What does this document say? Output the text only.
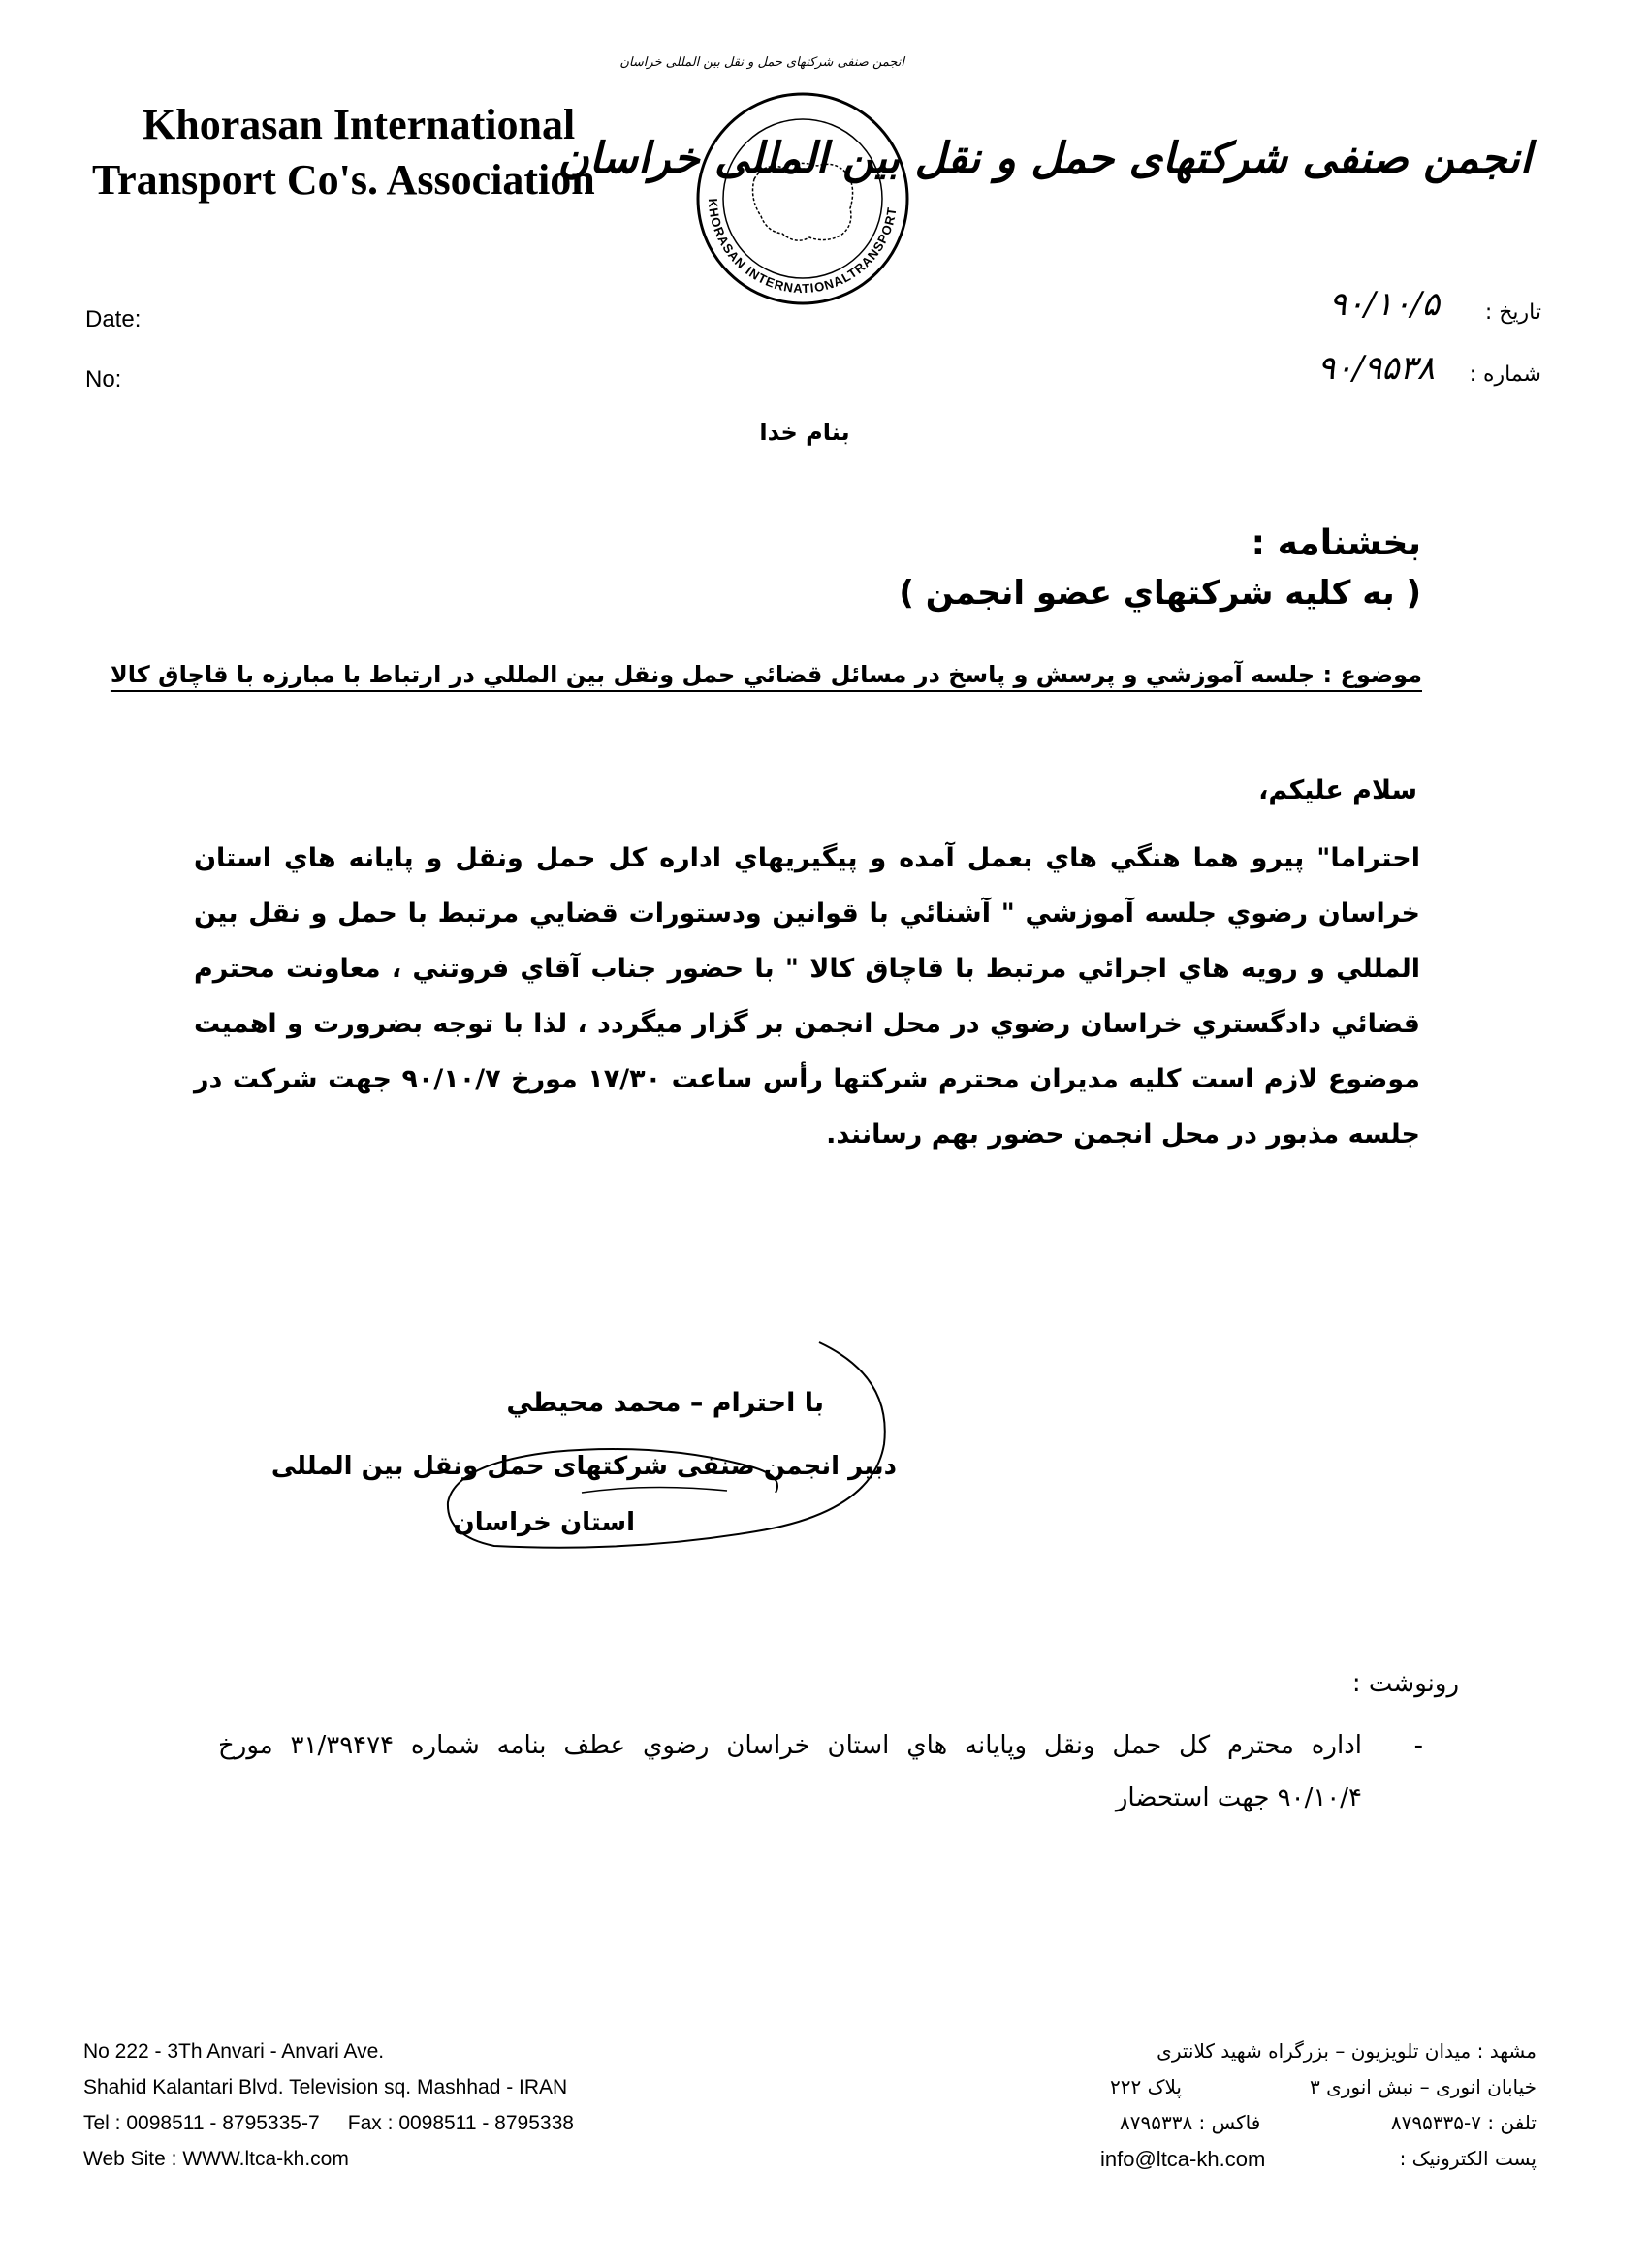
Khorasan International
Transport Co's. Association	KHORASAN INTERNATIONALTRANSPORT
انجمن صنفی شرکتهای حمل و نقل بین المللی خراسان
انجمن صنفی شرکتهای حمل و نقل بین المللی خراسان
Date:
No:
تاریخ :
۹۰/۱۰/۵
شماره :
۹۰/۹۵۳۸
بنام خدا
بخشنامه :
( به کليه شرکتهاي عضو انجمن )
موضوع : جلسه آموزشي و پرسش و پاسخ در مسائل قضائي حمل ونقل بين المللي در ارتباط با مبارزه با قاچاق کالا
سلام عليکم،
احتراما" پيرو هما هنگي هاي بعمل آمده و پيگيريهاي اداره کل حمل ونقل و پايانه هاي استان خراسان رضوي جلسه آموزشي " آشنائي با قوانين ودستورات قضايي مرتبط با حمل و نقل بين المللي و رويه هاي اجرائي مرتبط با قاچاق کالا " با حضور جناب آقاي فروتني ، معاونت محترم قضائي دادگستري خراسان رضوي در محل انجمن بر گزار ميگردد ، لذا با توجه بضرورت و اهميت موضوع لازم است کليه مديران محترم شرکتها رأس ساعت ۱۷/۳۰ مورخ ۹۰/۱۰/۷ جهت شرکت در جلسه مذبور در محل انجمن حضور بهم رسانند.
با احترام – محمد محيطي
دبير انجمن صنفی شرکتهای حمل ونقل بين المللی
استان خراسان
رونوشت :
-
اداره محترم کل حمل ونقل وپايانه هاي استان خراسان رضوي عطف بنامه شماره ۳۱/۳۹۴۷۴ مورخ
۹۰/۱۰/۴ جهت استحضار
No 222 - 3Th Anvari - Anvari Ave.
Shahid Kalantari Blvd. Television sq. Mashhad - IRAN
Tel : 0098511 - 8795335-7     Fax : 0098511 - 8795338
Web Site : WWW.ltca-kh.com
مشهد : ميدان تلويزيون – بزرگراه شهيد کلانتری
خيابان انوری – نبش انوری ۳
پلاک ۲۲۲
تلفن : ۷-۸۷۹۵۳۳۵
فاکس : ۸۷۹۵۳۳۸
پست الکترونيک :
info@ltca-kh.com
